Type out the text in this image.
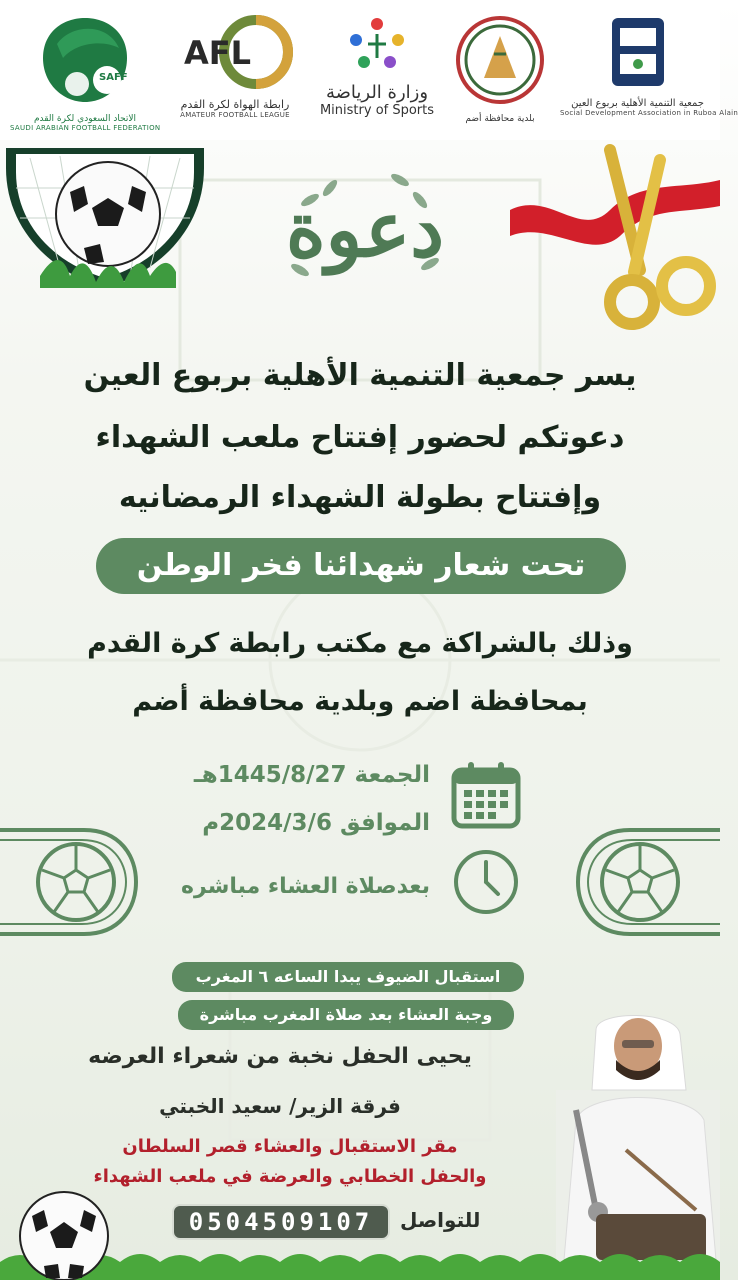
SAFF
الاتحاد السعودي لكرة القدم
SAUDI ARABIAN FOOTBALL FEDERATION
AFL
رابطة الهواة لكرة القدم
AMATEUR FOOTBALL LEAGUE
وزارة الرياضة
Ministry of Sports
بلدية محافظة أضم
جمعية التنمية الأهلية بربوع العين
Social Development Association in Ruboa Alain
دعوة
يسر جمعية التنمية الأهلية بربوع العين
دعوتكم لحضور إفتتاح ملعب الشهداء
وإفتتاح بطولة الشهداء الرمضانيه
تحت شعار شهدائنا فخر الوطن
وذلك بالشراكة مع مكتب رابطة كرة القدم
بمحافظة اضم وبلدية محافظة أضم
الجمعة 1445/8/27هـ
الموافق 2024/3/6م
بعدصلاة العشاء مباشره
استقبال الضيوف يبدا الساعه ٦ المغرب
وجبة العشاء بعد صلاة المغرب مباشرة
يحيى الحفل نخبة من شعراء العرضه
فرقة الزير/ سعيد الخبتي
مقر الاستقبال والعشاء قصر السلطان
والحفل الخطابي والعرضة في ملعب الشهداء
للتواصل
0504509107
